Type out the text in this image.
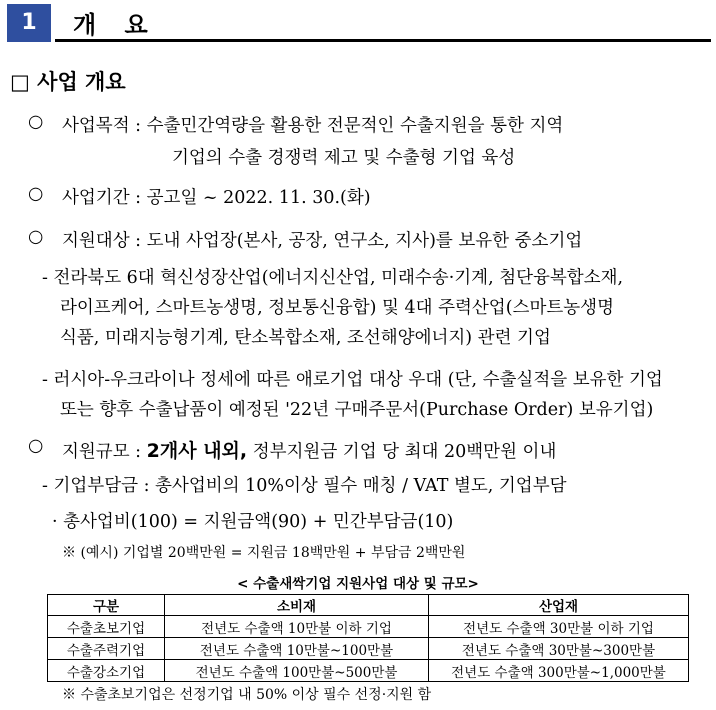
1	개 요
□ 사업 개요
○ 사업목적 : 수출민간역량을 활용한 전문적인 수출지원을 통한 지역
기업의 수출 경쟁력 제고 및 수출형 기업 육성
○ 사업기간 : 공고일 ~ 2022. 11. 30.(화)
○ 지원대상 : 도내 사업장(본사, 공장, 연구소, 지사)를 보유한 중소기업
- 전라북도 6대 혁신성장산업(에너지신산업, 미래수송·기계, 첨단융복합소재,
라이프케어, 스마트농생명, 정보통신융합) 및 4대 주력산업(스마트농생명
식품, 미래지능형기계, 탄소복합소재, 조선해양에너지) 관련 기업
- 러시아-우크라이나 정세에 따른 애로기업 대상 우대 (단, 수출실적을 보유한 기업
또는 향후 수출납품이 예정된 '22년 구매주문서(Purchase Order) 보유기업)
○ 지원규모 : 2개사 내외, 정부지원금 기업 당 최대 20백만원 이내
- 기업부담금 : 총사업비의 10%이상 필수 매칭 / VAT 별도, 기업부담
· 총사업비(100) = 지원금액(90) + 민간부담금(10)
※ (예시) 기업별 20백만원 = 지원금 18백만원 + 부담금 2백만원
< 수출새싹기업 지원사업 대상 및 규모>
구분	소비재	산업재
수출초보기업	전년도 수출액 10만불 이하 기업	전년도 수출액 30만불 이하 기업
수출주력기업	전년도 수출액 10만불~100만불	전년도 수출액 30만불~300만불
수출강소기업	전년도 수출액 100만불~500만불	전년도 수출액 300만불~1,000만불
※ 수출초보기업은 선정기업 내 50% 이상 필수 선정·지원 함
